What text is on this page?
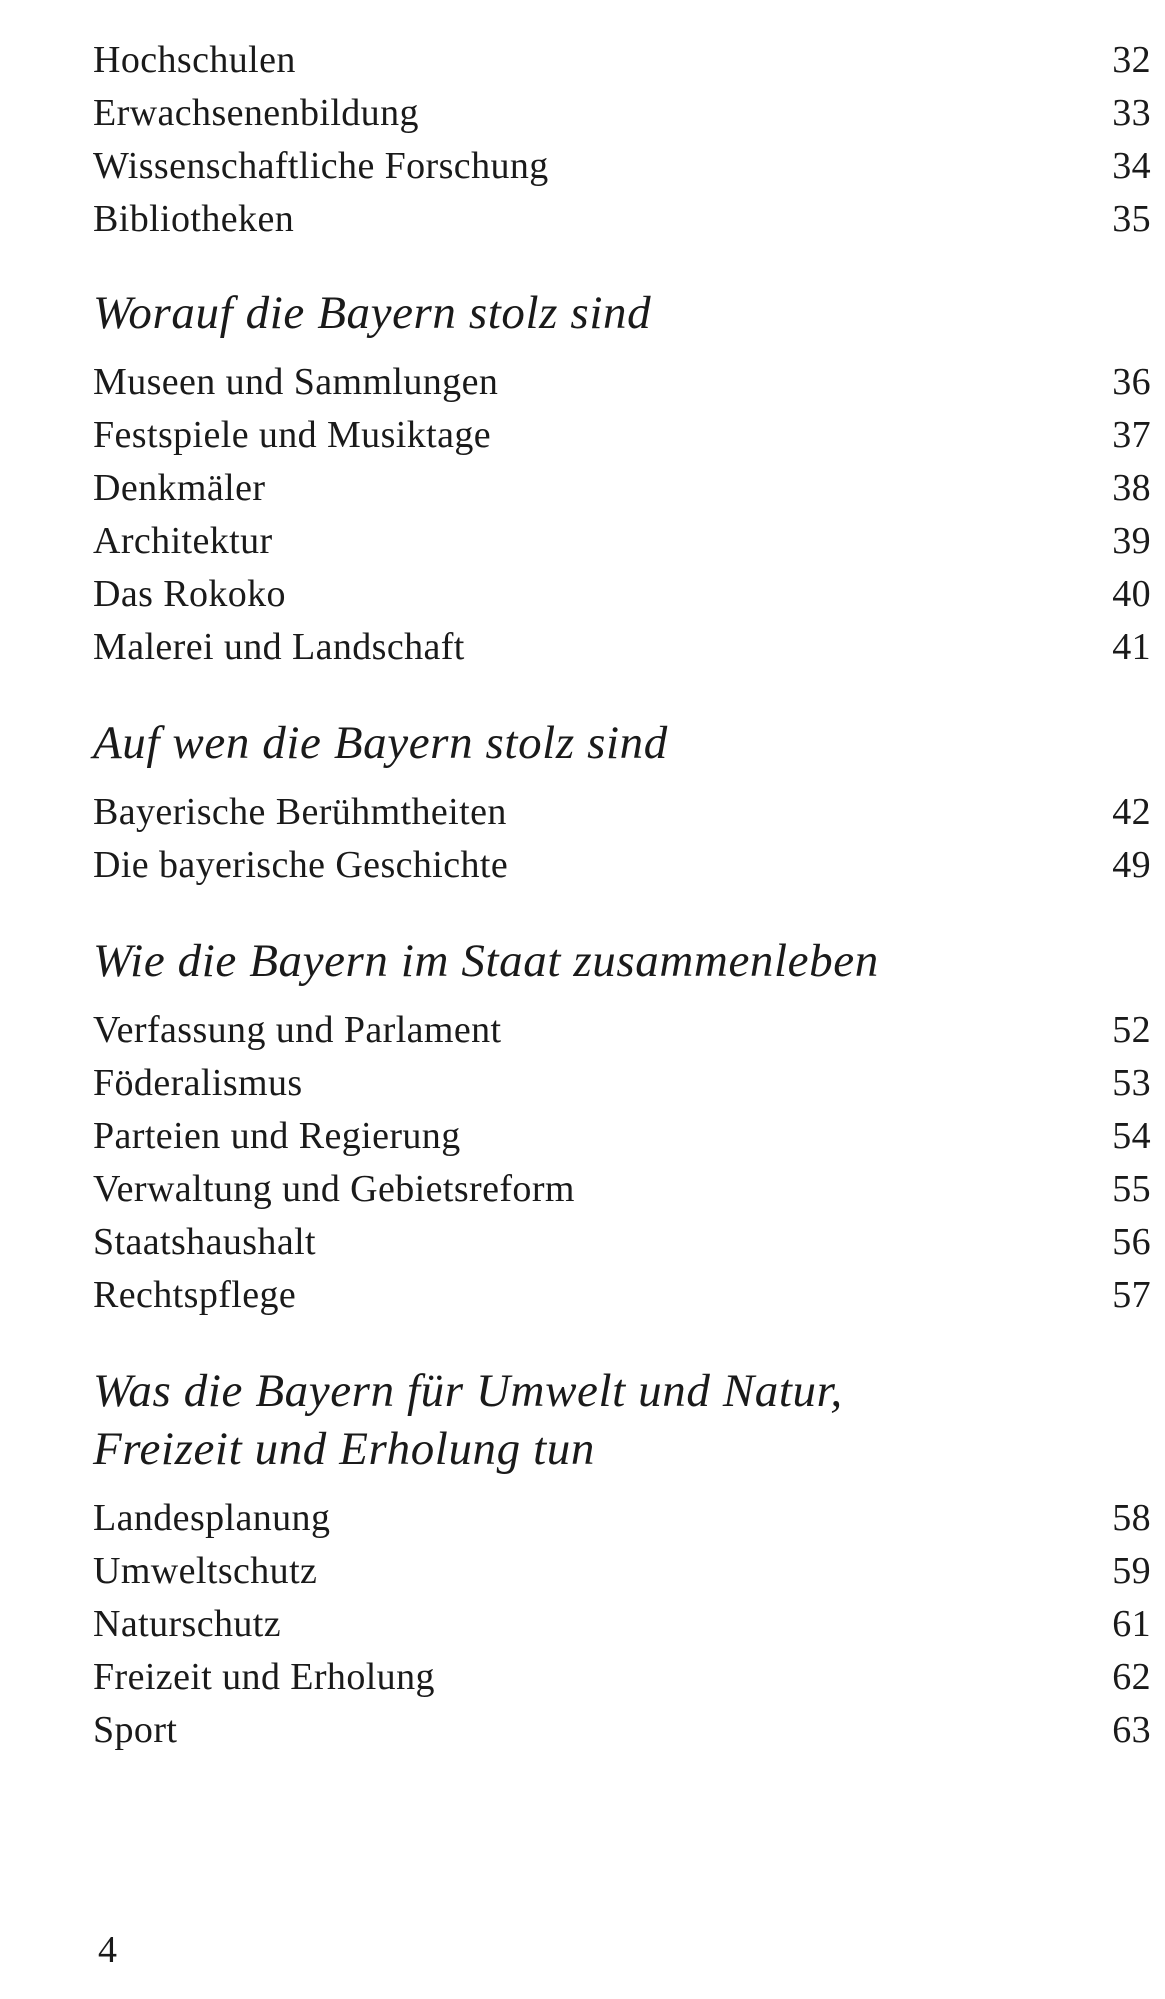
Hochschulen	32
Erwachsenenbildung	33
Wissenschaftliche Forschung	34
Bibliotheken	35
Worauf die Bayern stolz sind
Museen und Sammlungen	36
Festspiele und Musiktage	37
Denkmäler	38
Architektur	39
Das Rokoko	40
Malerei und Landschaft	41
Auf wen die Bayern stolz sind
Bayerische Berühmtheiten	42
Die bayerische Geschichte	49
Wie die Bayern im Staat zusammenleben
Verfassung und Parlament	52
Föderalismus	53
Parteien und Regierung	54
Verwaltung und Gebietsreform	55
Staatshaushalt	56
Rechtspflege	57
Was die Bayern für Umwelt und Natur,
Freizeit und Erholung tun
Landesplanung	58
Umweltschutz	59
Naturschutz	61
Freizeit und Erholung	62
Sport	63
4
